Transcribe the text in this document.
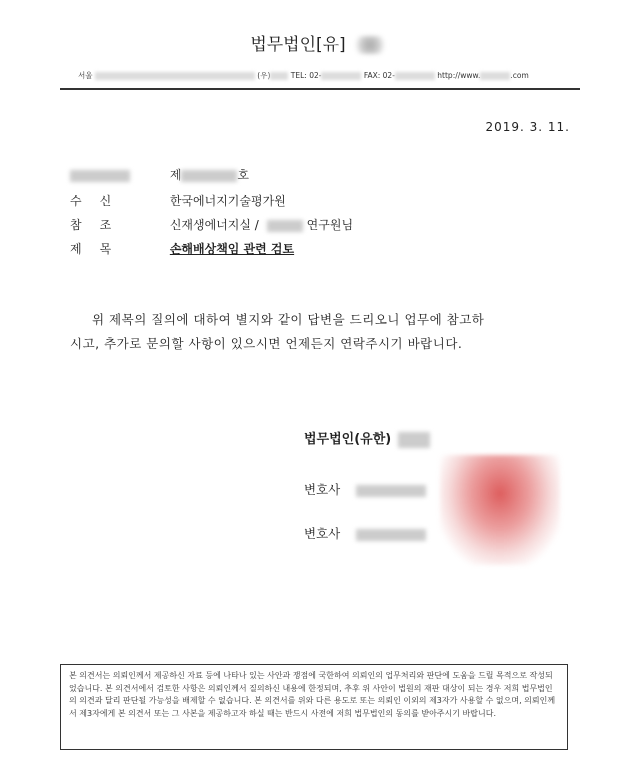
법무법인[유]
서울	(우)	TEL: 02-	FAX: 02-	http://www.	.com
2019. 3. 11.
제	호
수신	한국에너지기술평가원
참조	신재생에너지실 /	연구원님
제목	손해배상책임 관련 검토
위 제목의 질의에 대하여 별지와 같이 답변을 드리오니 업무에 참고하
시고, 추가로 문의할 사항이 있으시면 언제든지 연락주시기 바랍니다.
법무법인(유한)
변호사
변호사
본 의견서는 의뢰인께서 제공하신 자료 등에 나타나 있는 사안과 쟁점에 국한하여 의뢰인의 업무처리와 판단에 도움을 드릴 목적으로 작성되었습니다. 본 의견서에서 검토한 사항은 의뢰인께서 질의하신 내용에 한정되며, 추후 위 사안이 법원의 재판 대상이 되는 경우 저희 법무법인의 의견과 달리 판단될 가능성을 배제할 수 없습니다. 본 의견서를 위와 다른 용도로 또는 의뢰인 이외의 제3자가 사용할 수 없으며, 의뢰인께서 제3자에게 본 의견서 또는 그 사본을 제공하고자 하실 때는 반드시 사전에 저희 법무법인의 동의를 받아주시기 바랍니다.
